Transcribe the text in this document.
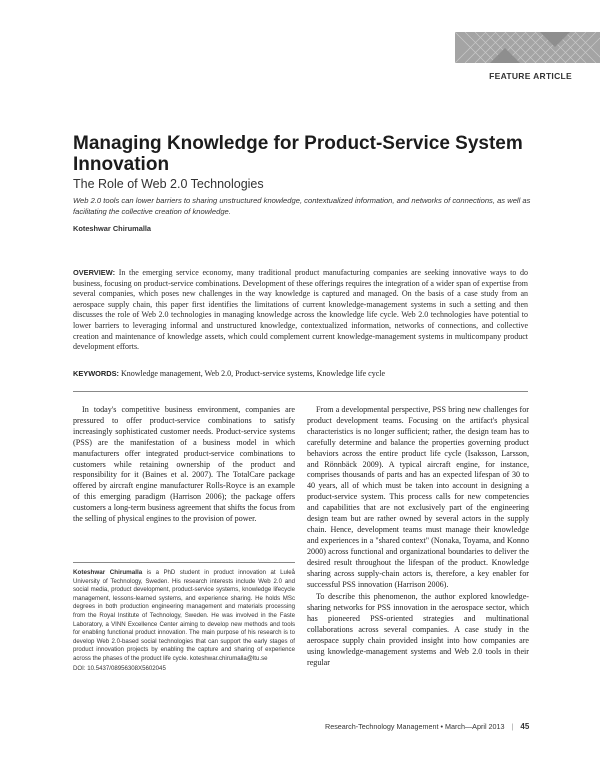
FEATURE ARTICLE
Managing Knowledge for Product-Service System Innovation

The Role of Web 2.0 Technologies

Web 2.0 tools can lower barriers to sharing unstructured knowledge, contextualized information, and networks of connections, as well as facilitating the collective creation of knowledge.

Koteshwar Chirumalla

OVERVIEW: In the emerging service economy, many traditional product manufacturing companies are seeking innovative ways to do business, focusing on product-service combinations. Development of these offerings requires the integration of a wider span of expertise from several companies, which poses new challenges in the way knowledge is captured and managed. On the basis of a case study from an aerospace supply chain, this paper first identifies the limitations of current knowledge-management systems in such a setting and then discusses the role of Web 2.0 technologies in managing knowledge across the knowledge life cycle. Web 2.0 technologies have potential to lower barriers to leveraging informal and unstructured knowledge, contextualized information, networks of connections, and collective creation and maintenance of knowledge assets, which could complement current knowledge-management systems in multicompany product development efforts.

KEYWORDS: Knowledge management, Web 2.0, Product-service systems, Knowledge life cycle

In today's competitive business environment, companies are pressured to offer product-service combinations to satisfy increasingly sophisticated customer needs. Product-service systems (PSS) are the manifestation of a business model in which manufacturers offer integrated product-service combinations to customers while retaining ownership of the product and responsibility for it (Baines et al. 2007). The TotalCare package offered by aircraft engine manufacturer Rolls-Royce is an example of this emerging paradigm (Harrison 2006); the package offers customers a long-term business agreement that shifts the focus from the selling of physical engines to the provision of power.

From a developmental perspective, PSS bring new challenges for product development teams. Focusing on the artifact's physical characteristics is no longer sufficient; rather, the design team has to carefully determine and balance the properties governing product behaviors across the entire product life cycle (Isaksson, Larsson, and Rönnbäck 2009). A typical aircraft engine, for instance, comprises thousands of parts and has an expected lifespan of 30 to 40 years, all of which must be taken into account in designing a product-service system. This process calls for new competencies and capabilities that are not exclusively part of the engineering design team but are rather owned by several actors in the supply chain. Hence, development teams must manage their knowledge and experiences in a "shared context" (Nonaka, Toyama, and Konno 2000) across functional and organizational boundaries to deliver the desired result throughout the lifespan of the product. Knowledge sharing across supply-chain actors is, therefore, a key enabler for successful PSS innovation (Harrison 2006).

To describe this phenomenon, the author explored knowledge-sharing networks for PSS innovation in the aerospace sector, which has pioneered PSS-oriented strategies and multinational collaborations across several companies. A case study in the aerospace supply chain provided insight into how companies are using knowledge-management systems and Web 2.0 tools in their regular

Koteshwar Chirumalla is a PhD student in product innovation at Luleå University of Technology, Sweden. His research interests include Web 2.0 and social media, product development, product-service systems, knowledge lifecycle management, lessons-learned systems, and experience sharing. He holds MSc degrees in both production engineering management and materials processing from the Royal Institute of Technology, Sweden. He was involved in the Faste Laboratory, a VINN Excellence Center aiming to develop new methods and tools for enabling functional product innovation. The main purpose of his research is to develop Web 2.0-based social technologies that can support the early stages of product innovation projects by enabling the capture and sharing of experience across the phases of the product life cycle. koteshwar.chirumalla@ltu.se
DOI: 10.5437/08956308X5602045

Research-Technology Management • March—April 2013 | 45
